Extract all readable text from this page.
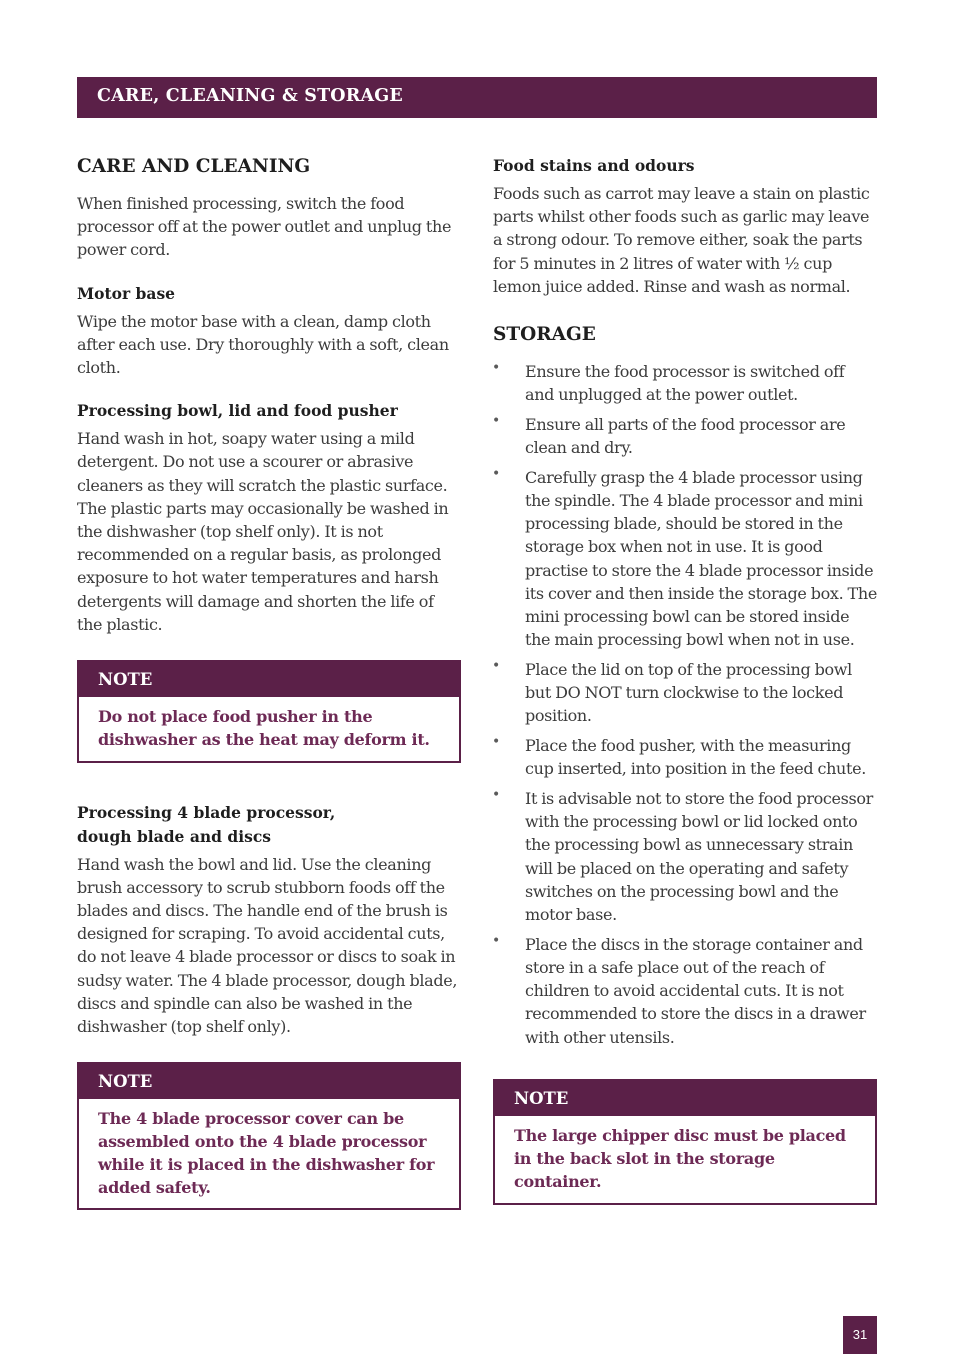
CARE, CLEANING & STORAGE
CARE AND CLEANING

When finished processing, switch the food processor off at the power outlet and unplug the power cord.

Motor base

Wipe the motor base with a clean, damp cloth after each use. Dry thoroughly with a soft, clean cloth.

Processing bowl, lid and food pusher

Hand wash in hot, soapy water using a mild detergent. Do not use a scourer or abrasive cleaners as they will scratch the plastic surface. The plastic parts may occasionally be washed in the dishwasher (top shelf only). It is not recommended on a regular basis, as prolonged exposure to hot water temperatures and harsh detergents will damage and shorten the life of the plastic.

NOTE
Do not place food pusher in the dishwasher as the heat may deform it.
Processing 4 blade processor,
dough blade and discs

Hand wash the bowl and lid. Use the cleaning brush accessory to scrub stubborn foods off the blades and discs. The handle end of the brush is designed for scraping. To avoid accidental cuts, do not leave 4 blade processor or discs to soak in sudsy water. The 4 blade processor, dough blade, discs and spindle can also be washed in the dishwasher (top shelf only).

NOTE
The 4 blade processor cover can be assembled onto the 4 blade processor while it is placed in the dishwasher for added safety.
Food stains and odours

Foods such as carrot may leave a stain on plastic parts whilst other foods such as garlic may leave a strong odour. To remove either, soak the parts for 5 minutes in 2 litres of water with ½ cup lemon juice added. Rinse and wash as normal.

STORAGE
• Ensure the food processor is switched off and unplugged at the power outlet.
• Ensure all parts of the food processor are clean and dry.
• Carefully grasp the 4 blade processor using the spindle. The 4 blade processor and mini processing blade, should be stored in the storage box when not in use. It is good practise to store the 4 blade processor inside its cover and then inside the storage box. The mini processing bowl can be stored inside the main processing bowl when not in use.
• Place the lid on top of the processing bowl but DO NOT turn clockwise to the locked position.
• Place the food pusher, with the measuring cup inserted, into position in the feed chute.
• It is advisable not to store the food processor with the processing bowl or lid locked onto the processing bowl as unnecessary strain will be placed on the operating and safety switches on the processing bowl and the motor base.
• Place the discs in the storage container and store in a safe place out of the reach of children to avoid accidental cuts. It is not recommended to store the discs in a drawer with other utensils.
NOTE
The large chipper disc must be placed in the back slot in the storage container.
31
